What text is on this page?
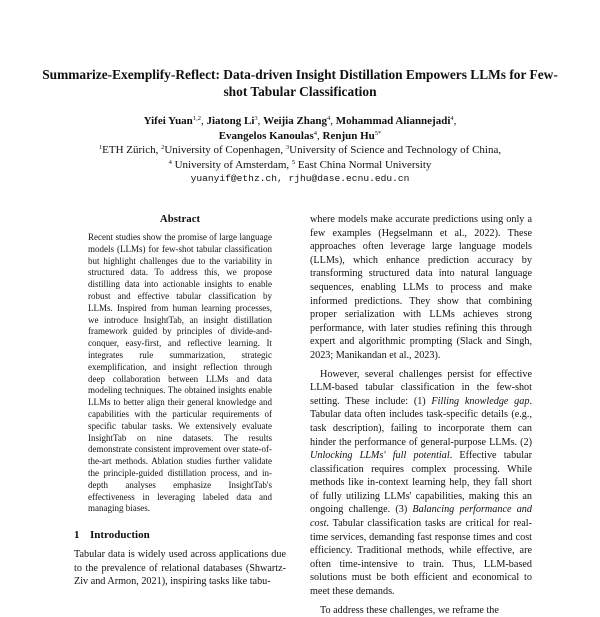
Summarize-Exemplify-Reflect: Data-driven Insight Distillation Empowers LLMs for Few-shot Tabular Classification
Yifei Yuan$^{1,2}$, Jiatong Li$^3$, Weijia Zhang$^4$, Mohammad Aliannejadi$^4$,
Evangelos Kanoulas$^4$, Renjun $Hu^{5*}$
$^1$ETH Zürich, $^2$University of Copenhagen, $^3$University of Science and Technology of China,
$^4$ University of Amsterdam, $^5$ East China Normal University
yuanyif@ethz.ch, rjhu@dase.ecnu.edu.cn
Abstract

Recent studies show the promise of large language models (LLMs) for few-shot tabular classification but highlight challenges due to the variability in structured data. To address this, we propose distilling data into actionable insights to enable robust and effective tabular classification by LLMs. Inspired from human learning processes, we introduce InsightTab, an insight distillation framework guided by principles of divide-and-conquer, easy-first, and reflective learning. It integrates rule summarization, strategic exemplification, and insight reflection through deep collaboration between LLMs and data modeling techniques. The obtained insights enable LLMs to better align their general knowledge and capabilities with the particular requirements of specific tabular tasks. We extensively evaluate InsightTab on nine datasets. The results demonstrate consistent improvement over state-of-the-art methods. Ablation studies further validate the principle-guided distillation process, and in-depth analyses emphasize InsightTab's effectiveness in leveraging labeled data and managing biases.

1 Introduction

Tabular data is widely used across applications due to the prevalence of relational databases (Shwartz-Ziv and Armon, 2021), inspiring tasks like tabu-

where models make accurate predictions using only a few examples (Hegselmann et al., 2022). These approaches often leverage large language models (LLMs), which enhance prediction accuracy by transforming structured data into natural language sequences, enabling LLMs to process and make informed predictions. They show that combining proper serialization with LLMs achieves strong performance, with later studies refining this through expert and algorithmic prompting (Slack and Singh, 2023; Manikandan et al., 2023).

However, several challenges persist for effective LLM-based tabular classification in the few-shot setting. These include: (1) Filling knowledge gap. Tabular data often includes task-specific details (e.g., task description), failing to incorporate them can hinder the performance of general-purpose LLMs. (2) Unlocking LLMs' full potential. Effective tabular classification requires complex processing. While methods like in-context learning help, they fall short of fully utilizing LLMs' capabilities, making this an ongoing challenge. (3) Balancing performance and cost. Tabular classification tasks are critical for real-time services, demanding fast response times and cost efficiency. Traditional methods, while effective, are often time-intensive to train. Thus, LLM-based solutions must be both efficient and economical to meet these demands.

To address these challenges, we reframe the
